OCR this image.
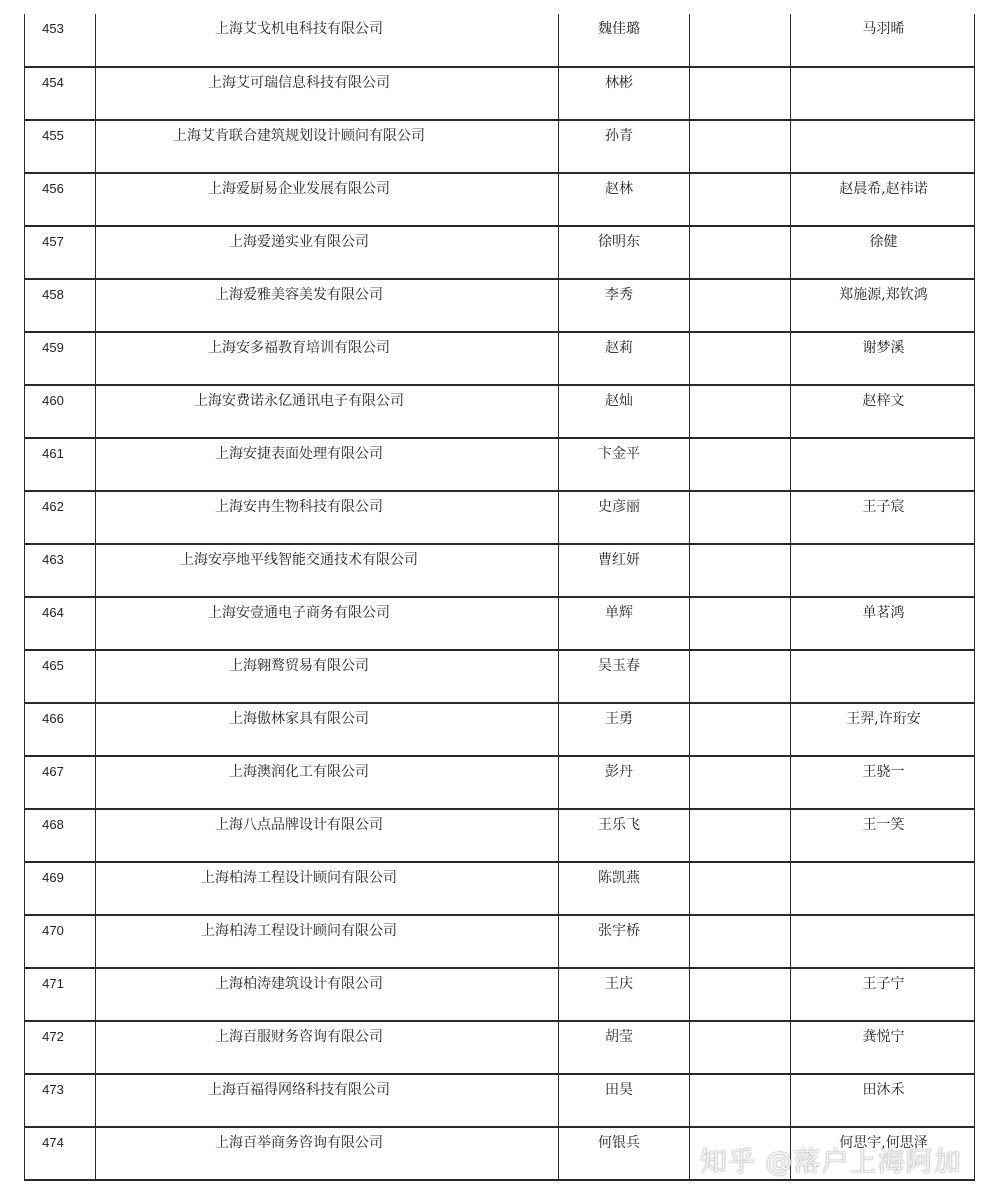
453	上海艾戈机电科技有限公司	魏佳璐		马羽晞
454	上海艾可瑞信息科技有限公司	林彬		
455	上海艾肯联合建筑规划设计顾问有限公司	孙青		
456	上海爱厨易企业发展有限公司	赵林		赵晨希,赵祎诺
457	上海爱递实业有限公司	徐明东		徐健
458	上海爱雅美容美发有限公司	李秀		郑施源,郑钦鸿
459	上海安多福教育培训有限公司	赵莉		谢梦溪
460	上海安费诺永亿通讯电子有限公司	赵灿		赵梓文
461	上海安捷表面处理有限公司	卞金平		
462	上海安冉生物科技有限公司	史彦丽		王子宸
463	上海安亭地平线智能交通技术有限公司	曹红妍		
464	上海安壹通电子商务有限公司	单辉		单茗鸿
465	上海翱鹜贸易有限公司	吴玉春		
466	上海傲林家具有限公司	王勇		王羿,许珩安
467	上海澳润化工有限公司	彭丹		王骁一
468	上海八点品牌设计有限公司	王乐飞		王一笑
469	上海柏涛工程设计顾问有限公司	陈凯燕		
470	上海柏涛工程设计顾问有限公司	张宇桥		
471	上海柏涛建筑设计有限公司	王庆		王子宁
472	上海百服财务咨询有限公司	胡莹		龚悦宁
473	上海百福得网络科技有限公司	田昊		田沐禾
474	上海百举商务咨询有限公司	何银兵		何思宇,何思泽
知乎 @落户上海阿加
